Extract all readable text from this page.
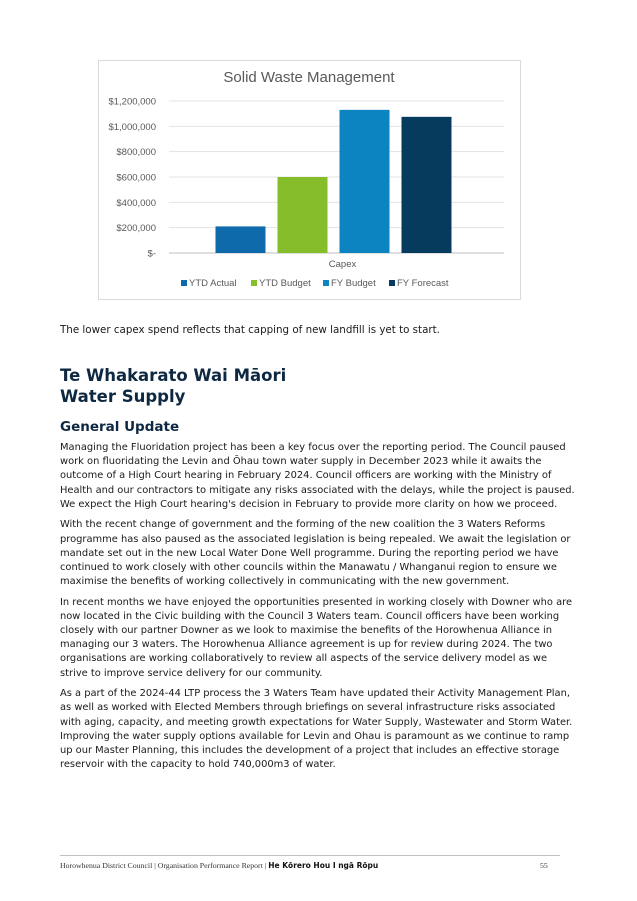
Solid Waste Management
$-
$200,000
$400,000
$600,000
$800,000
$1,000,000
$1,200,000
Capex
YTD Actual YTD Budget FY Budget FY Forecast
The lower capex spend reflects that capping of new landfill is yet to start.
Te Whakarato Wai Māori
Water Supply
General Update

Managing the Fluoridation project has been a key focus over the reporting period. The Council paused work on fluoridating the Levin and Ōhau town water supply in December 2023 while it awaits the outcome of a High Court hearing in February 2024. Council officers are working with the Ministry of Health and our contractors to mitigate any risks associated with the delays, while the project is paused. We expect the High Court hearing's decision in February to provide more clarity on how we proceed.

With the recent change of government and the forming of the new coalition the 3 Waters Reforms programme has also paused as the associated legislation is being repealed. We await the legislation or mandate set out in the new Local Water Done Well programme. During the reporting period we have continued to work closely with other councils within the Manawatu / Whanganui region to ensure we maximise the benefits of working collectively in communicating with the new government.

In recent months we have enjoyed the opportunities presented in working closely with Downer who are now located in the Civic building with the Council 3 Waters team. Council officers have been working closely with our partner Downer as we look to maximise the benefits of the Horowhenua Alliance in managing our 3 waters. The Horowhenua Alliance agreement is up for review during 2024. The two organisations are working collaboratively to review all aspects of the service delivery model as we strive to improve service delivery for our community.

As a part of the 2024-44 LTP process the 3 Waters Team have updated their Activity Management Plan, as well as worked with Elected Members through briefings on several infrastructure risks associated with aging, capacity, and meeting growth expectations for Water Supply, Wastewater and Storm Water. Improving the water supply options available for Levin and Ohau is paramount as we continue to ramp up our Master Planning, this includes the development of a project that includes an effective storage reservoir with the capacity to hold 740,000m3 of water.

Horowhenua District Council | Organisation Performance Report | He Kōrero Hou I ngā Rōpu	55
